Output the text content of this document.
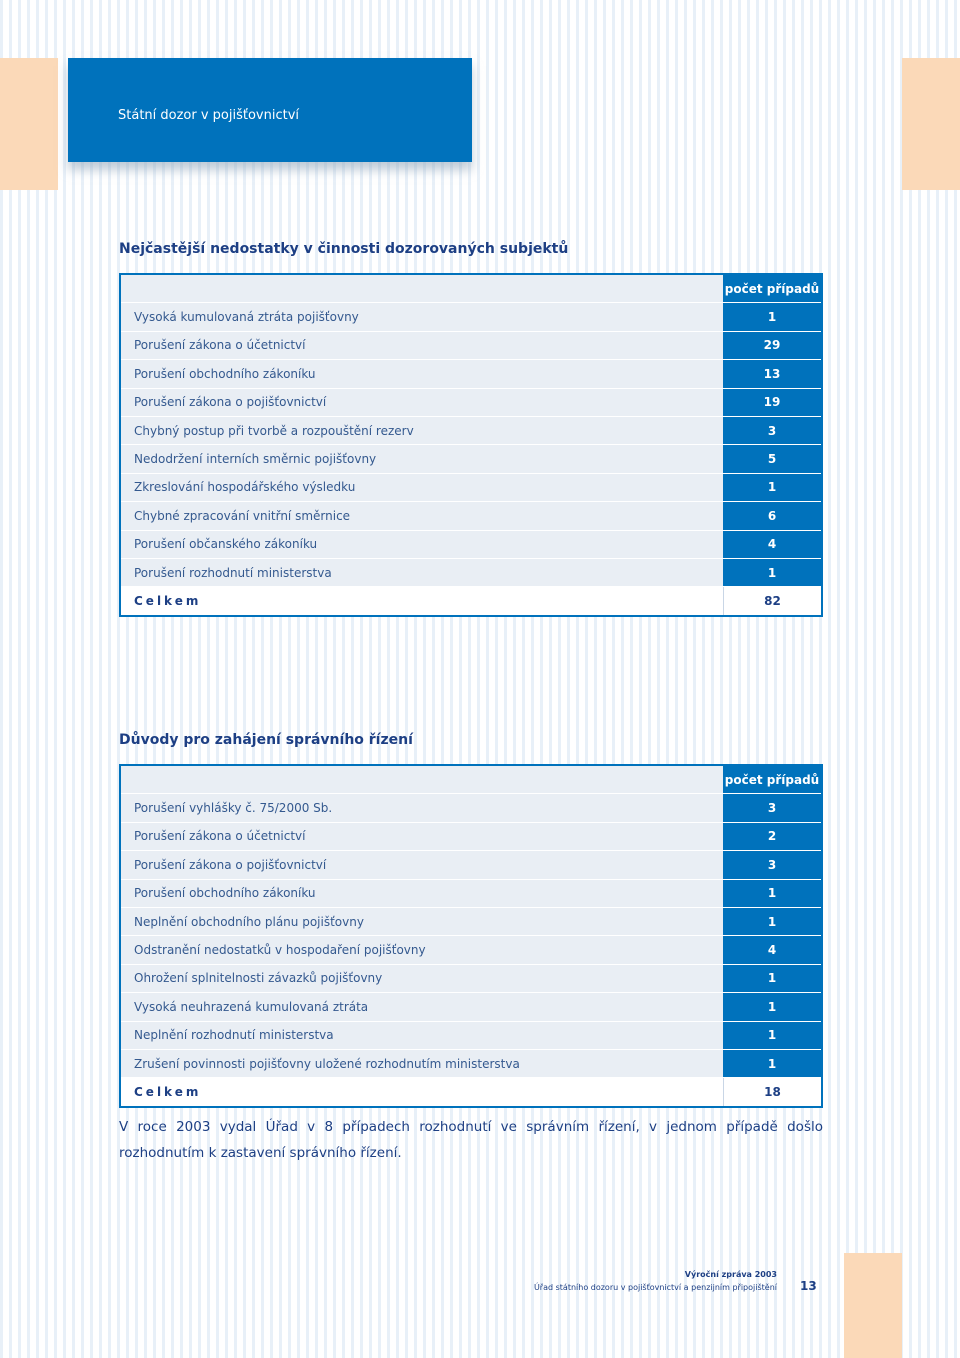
Státní dozor v pojišťovnictví
Nejčastější nedostatky v činnosti dozorovaných subjektů
počet případů
Vysoká kumulovaná ztráta pojišťovny	1
Porušení zákona o účetnictví	29
Porušení obchodního zákoníku	13
Porušení zákona o pojišťovnictví	19
Chybný postup při tvorbě a rozpouštění rezerv	3
Nedodržení interních směrnic pojišťovny	5
Zkreslování hospodářského výsledku	1
Chybné zpracování vnitřní směrnice	6
Porušení občanského zákoníku	4
Porušení rozhodnutí ministerstva	1
Celkem	82
Důvody pro zahájení správního řízení
počet případů
Porušení vyhlášky č. 75/2000 Sb.	3
Porušení zákona o účetnictví	2
Porušení zákona o pojišťovnictví	3
Porušení obchodního zákoníku	1
Neplnění obchodního plánu pojišťovny	1
Odstranění nedostatků v hospodaření pojišťovny	4
Ohrožení splnitelnosti závazků pojišťovny	1
Vysoká neuhrazená kumulovaná ztráta	1
Neplnění rozhodnutí ministerstva	1
Zrušení povinnosti pojišťovny uložené rozhodnutím ministerstva	1
Celkem	18
V roce 2003 vydal Úřad v 8 případech rozhodnutí ve správním řízení, v jednom případě došlo rozhodnutím k zastavení správního řízení.
Výroční zpráva 2003
Úřad státního dozoru v pojišťovnictví a penzijním připojištění 13
